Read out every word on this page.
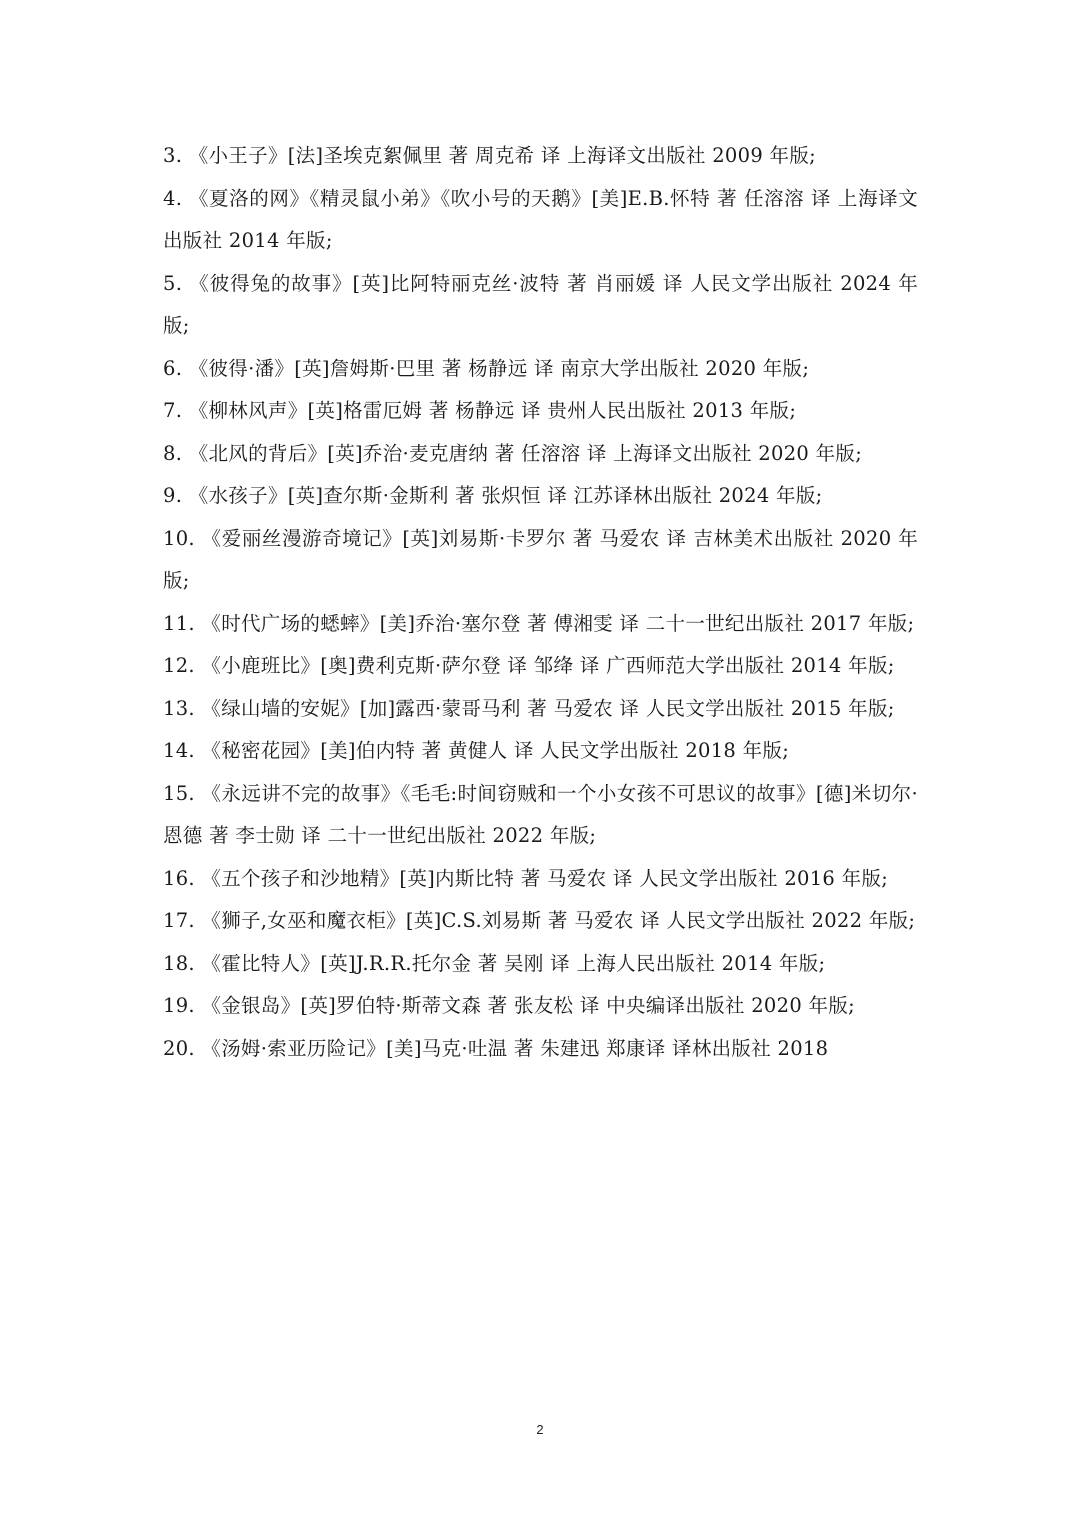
3. 《小王子》[法]圣埃克絮佩里 著 周克希 译 上海译文出版社 2009 年版;
4. 《夏洛的网》《精灵鼠小弟》《吹小号的天鹅》[美]E.B.怀特 著 任溶溶 译 上海译文出版社 2014 年版;
5. 《彼得兔的故事》[英]比阿特丽克丝·波特 著 肖丽媛 译 人民文学出版社 2024 年版;
6. 《彼得·潘》[英]詹姆斯·巴里 著 杨静远 译 南京大学出版社 2020 年版;
7. 《柳林风声》[英]格雷厄姆 著 杨静远 译 贵州人民出版社 2013 年版;
8. 《北风的背后》[英]乔治·麦克唐纳 著 任溶溶 译 上海译文出版社 2020 年版;
9. 《水孩子》[英]查尔斯·金斯利 著 张炽恒 译 江苏译林出版社 2024 年版;
10. 《爱丽丝漫游奇境记》[英]刘易斯·卡罗尔 著 马爱农 译 吉林美术出版社 2020 年版;
11. 《时代广场的蟋蟀》[美]乔治·塞尔登 著 傅湘雯 译 二十一世纪出版社 2017 年版;
12. 《小鹿班比》[奥]费利克斯·萨尔登 译 邹绛 译 广西师范大学出版社 2014 年版;
13. 《绿山墙的安妮》[加]露西·蒙哥马利 著 马爱农 译 人民文学出版社 2015 年版;
14. 《秘密花园》[美]伯内特 著 黄健人 译 人民文学出版社 2018 年版;
15. 《永远讲不完的故事》《毛毛:时间窃贼和一个小女孩不可思议的故事》[德]米切尔·恩德 著 李士勋 译 二十一世纪出版社 2022 年版;
16. 《五个孩子和沙地精》[英]内斯比特 著 马爱农 译 人民文学出版社 2016 年版;
17. 《狮子,女巫和魔衣柜》[英]C.S.刘易斯 著 马爱农 译 人民文学出版社 2022 年版;
18. 《霍比特人》[英]J.R.R.托尔金 著 吴刚 译 上海人民出版社 2014 年版;
19. 《金银岛》[英]罗伯特·斯蒂文森 著 张友松 译 中央编译出版社 2020 年版;
20. 《汤姆·索亚历险记》[美]马克·吐温 著 朱建迅 郑康译 译林出版社 2018
2
